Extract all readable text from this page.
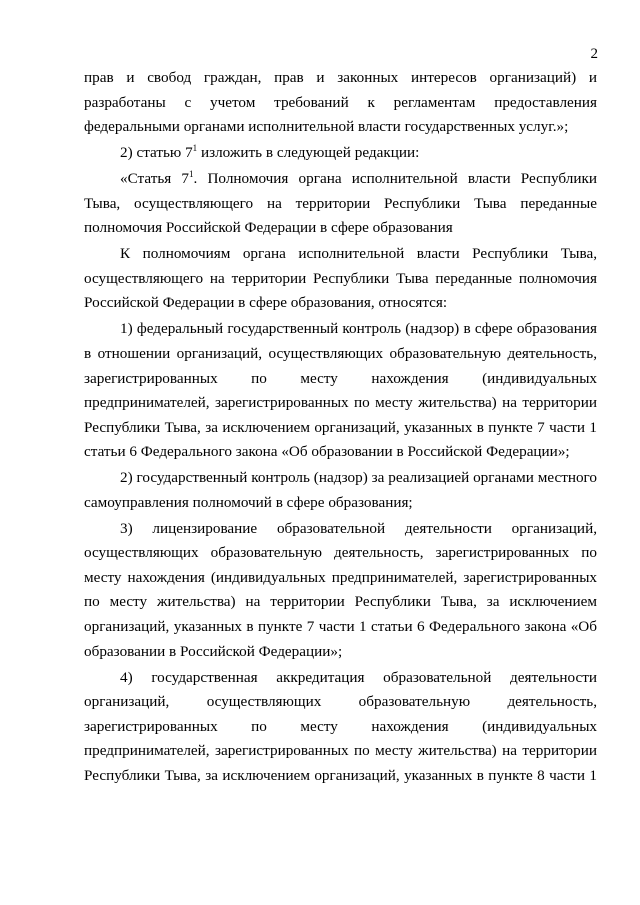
2

прав и свобод граждан, прав и законных интересов организаций) и разработаны с учетом требований к регламентам предоставления федеральными органами исполнительной власти государственных услуг.»;

2) статью $7^1$ изложить в следующей редакции:

«Статья $7^1$. Полномочия органа исполнительной власти Республики Тыва, осуществляющего на территории Республики Тыва переданные полномочия Российской Федерации в сфере образования

К полномочиям органа исполнительной власти Республики Тыва, осуществляющего на территории Республики Тыва переданные полномочия Российской Федерации в сфере образования, относятся:

1) федеральный государственный контроль (надзор) в сфере образования в отношении организаций, осуществляющих образовательную деятельность, зарегистрированных по месту нахождения (индивидуальных предпринимателей, зарегистрированных по месту жительства) на территории Республики Тыва, за исключением организаций, указанных в пункте 7 части 1 статьи 6 Федерального закона «Об образовании в Российской Федерации»;

2) государственный контроль (надзор) за реализацией органами местного самоуправления полномочий в сфере образования;

3) лицензирование образовательной деятельности организаций, осуществляющих образовательную деятельность, зарегистрированных по месту нахождения (индивидуальных предпринимателей, зарегистрированных по месту жительства) на территории Республики Тыва, за исключением организаций, указанных в пункте 7 части 1 статьи 6 Федерального закона «Об образовании в Российской Федерации»;

4) государственная аккредитация образовательной деятельности организаций, осуществляющих образовательную деятельность, зарегистрированных по месту нахождения (индивидуальных предпринимателей, зарегистрированных по месту жительства) на территории Республики Тыва, за исключением организаций, указанных в пункте 8 части 1
